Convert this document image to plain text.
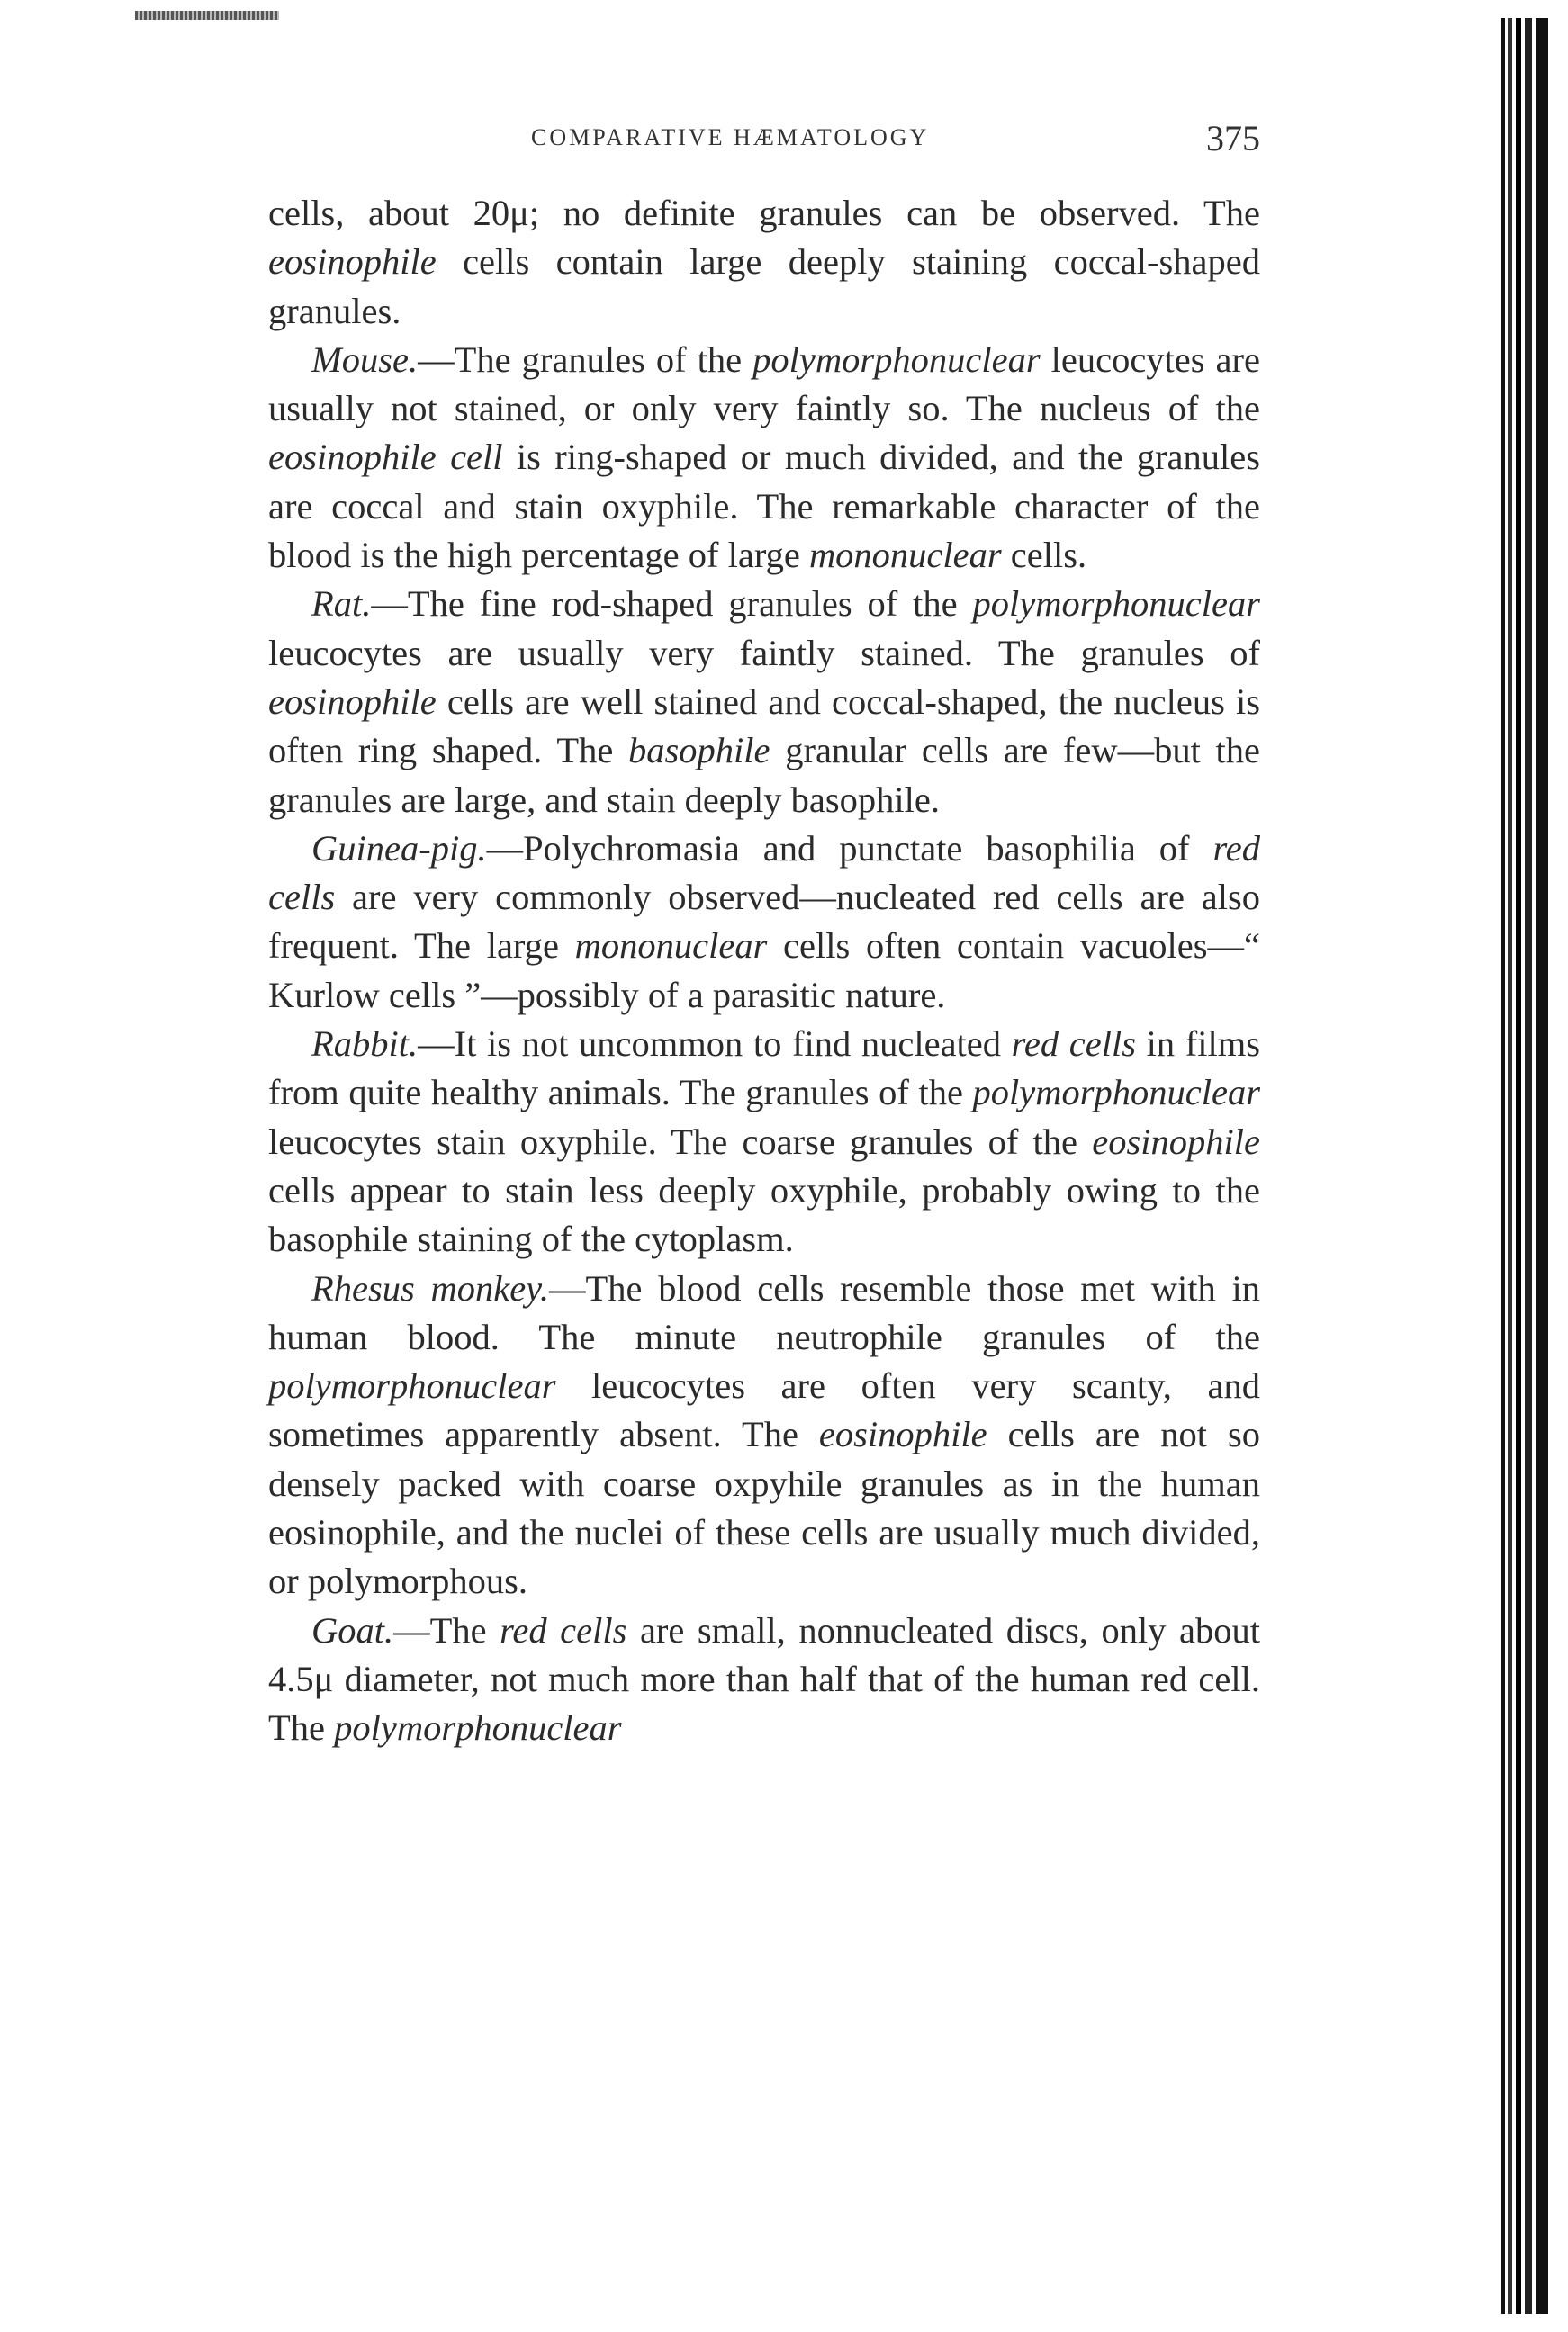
COMPARATIVE HÆMATOLOGY	375

cells, about 20μ; no definite granules can be observed. The eosinophile cells contain large deeply staining coccal-shaped granules.

Mouse.—The granules of the polymorphonuclear leucocytes are usually not stained, or only very faintly so. The nucleus of the eosinophile cell is ring-shaped or much divided, and the granules are coccal and stain oxyphile. The remarkable character of the blood is the high percentage of large mononuclear cells.

Rat.—The fine rod-shaped granules of the polymorphonuclear leucocytes are usually very faintly stained. The granules of eosinophile cells are well stained and coccal-shaped, the nucleus is often ring shaped. The basophile granular cells are few—but the granules are large, and stain deeply basophile.

Guinea-pig.—Polychromasia and punctate basophilia of red cells are very commonly observed—nucleated red cells are also frequent. The large mononuclear cells often contain vacuoles—“ Kurlow cells ”—possibly of a parasitic nature.

Rabbit.—It is not uncommon to find nucleated red cells in films from quite healthy animals. The granules of the polymorphonuclear leucocytes stain oxyphile. The coarse granules of the eosinophile cells appear to stain less deeply oxyphile, probably owing to the basophile staining of the cytoplasm.

Rhesus monkey.—The blood cells resemble those met with in human blood. The minute neutrophile granules of the polymorphonuclear leucocytes are often very scanty, and sometimes apparently absent. The eosinophile cells are not so densely packed with coarse oxpyhile granules as in the human eosinophile, and the nuclei of these cells are usually much divided, or polymorphous.

Goat.—The red cells are small, nonnucleated discs, only about 4.5μ diameter, not much more than half that of the human red cell. The polymorphonuclear
